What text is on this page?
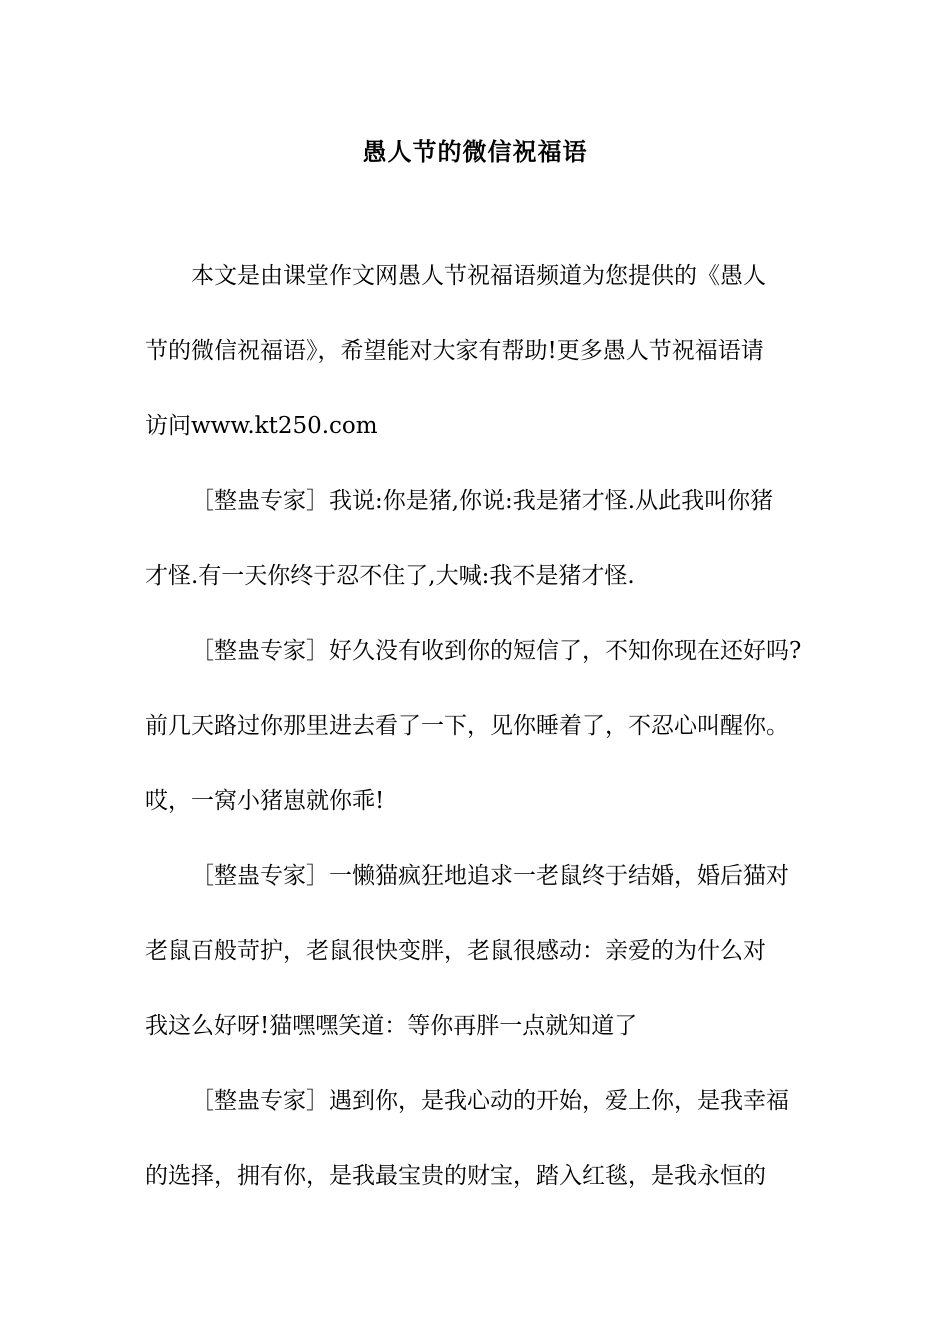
愚人节的微信祝福语
本文是由课堂作文网愚人节祝福语频道为您提供的《愚人
节的微信祝福语》，希望能对大家有帮助!更多愚人节祝福语请
访问www.kt250.com
［整蛊专家］我说:你是猪,你说:我是猪才怪.从此我叫你猪
才怪.有一天你终于忍不住了,大喊:我不是猪才怪.
［整蛊专家］好久没有收到你的短信了，不知你现在还好吗?
前几天路过你那里进去看了一下，见你睡着了，不忍心叫醒你。
哎，一窝小猪崽就你乖!
［整蛊专家］一懒猫疯狂地追求一老鼠终于结婚，婚后猫对
老鼠百般苛护，老鼠很快变胖，老鼠很感动：亲爱的为什么对
我这么好呀!猫嘿嘿笑道：等你再胖一点就知道了
［整蛊专家］遇到你，是我心动的开始，爱上你，是我幸福
的选择，拥有你，是我最宝贵的财宝，踏入红毯，是我永恒的
